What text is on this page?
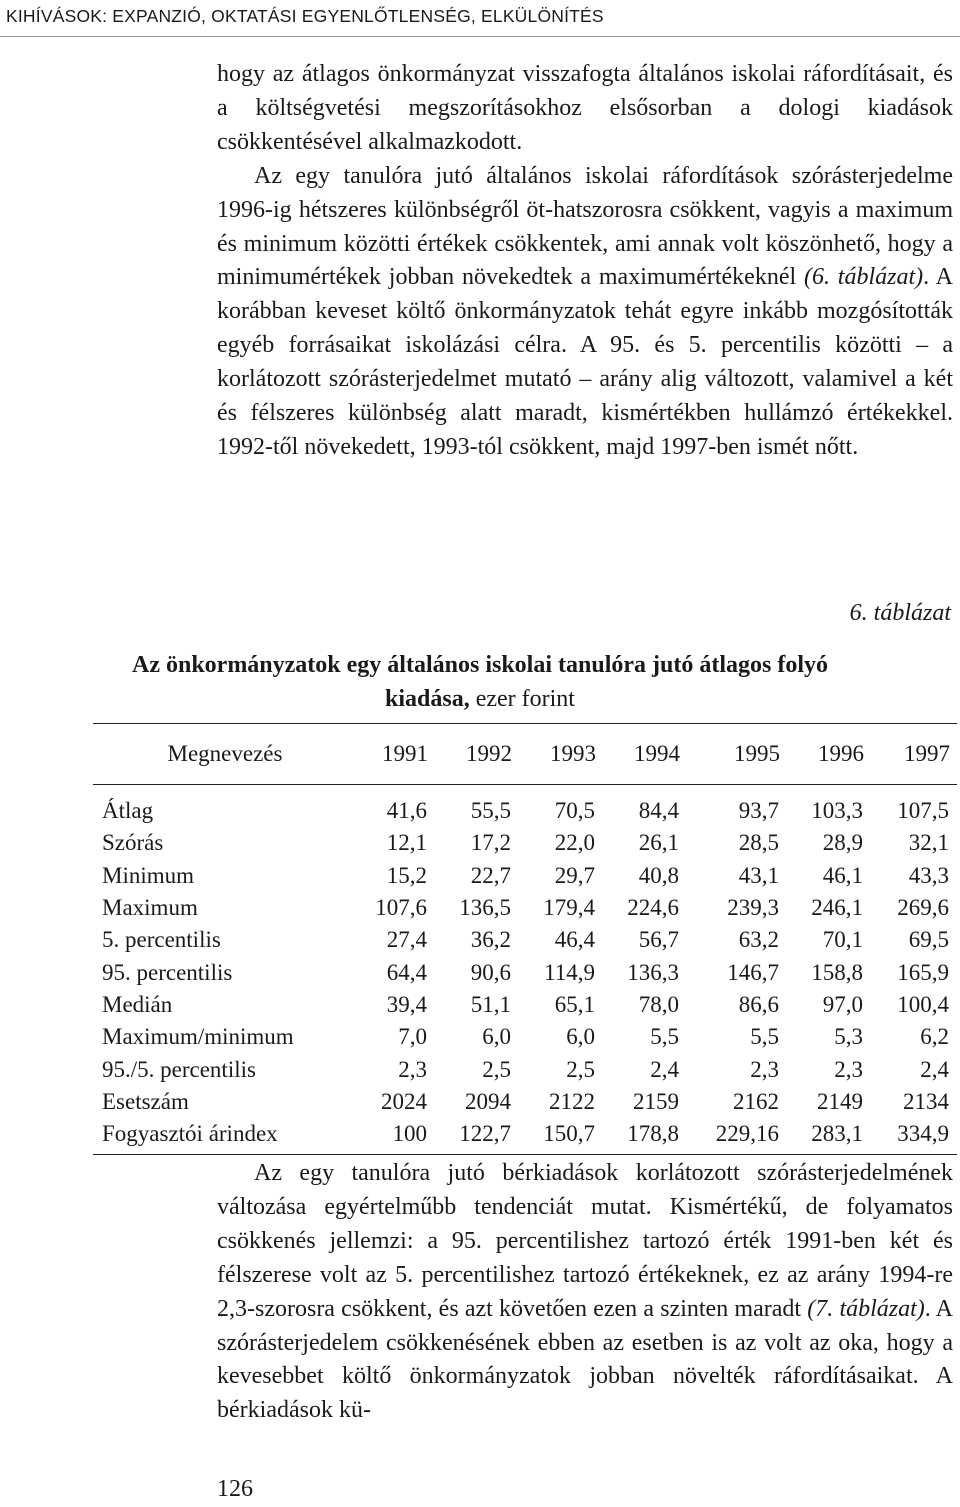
KIHÍVÁSOK: EXPANZIÓ, OKTATÁSI EGYENLŐTLENSÉG, ELKÜLÖNÍTÉS

hogy az átlagos önkormányzat visszafogta általános iskolai ráfordításait, és a költségvetési megszorításokhoz elsősorban a dologi kiadások csökkentésével alkalmazkodott.

Az egy tanulóra jutó általános iskolai ráfordítások szórásterjedelme 1996-ig hétszeres különbségről öt-hatszorosra csökkent, vagyis a maximum és minimum közötti értékek csökkentek, ami annak volt köszönhető, hogy a minimumértékek jobban növekedtek a maximumértékeknél (6. táblázat). A korábban keveset költő önkormányzatok tehát egyre inkább mozgósították egyéb forrásaikat iskolázási célra. A 95. és 5. percentilis közötti – a korlátozott szórásterjedelmet mutató – arány alig változott, valamivel a két és félszeres különbség alatt maradt, kismértékben hullámzó értékekkel. 1992-től növekedett, 1993-tól csökkent, majd 1997-ben ismét nőtt.

6. táblázat
Az önkormányzatok egy általános iskolai tanulóra jutó átlagos folyó kiadása, ezer forint
Megnevezés	1991	1992	1993	1994	1995	1996	1997
Átlag	41,6	55,5	70,5	84,4	93,7	103,3	107,5
Szórás	12,1	17,2	22,0	26,1	28,5	28,9	32,1
Minimum	15,2	22,7	29,7	40,8	43,1	46,1	43,3
Maximum	107,6	136,5	179,4	224,6	239,3	246,1	269,6
5. percentilis	27,4	36,2	46,4	56,7	63,2	70,1	69,5
95. percentilis	64,4	90,6	114,9	136,3	146,7	158,8	165,9
Medián	39,4	51,1	65,1	78,0	86,6	97,0	100,4
Maximum/minimum	7,0	6,0	6,0	5,5	5,5	5,3	6,2
95./5. percentilis	2,3	2,5	2,5	2,4	2,3	2,3	2,4
Esetszám	2024	2094	2122	2159	2162	2149	2134
Fogyasztói árindex	100	122,7	150,7	178,8	229,16	283,1	334,9

Az egy tanulóra jutó bérkiadások korlátozott szórásterjedelmének változása egyértelműbb tendenciát mutat. Kismértékű, de folyamatos csökkenés jellemzi: a 95. percentilishez tartozó érték 1991-ben két és félszerese volt az 5. percentilishez tartozó értékeknek, ez az arány 1994-re 2,3-szorosra csökkent, és azt követően ezen a szinten maradt (7. táblázat). A szórásterjedelem csökkenésének ebben az esetben is az volt az oka, hogy a kevesebbet költő önkormányzatok jobban növelték ráfordításaikat. A bérkiadások kü-

126
